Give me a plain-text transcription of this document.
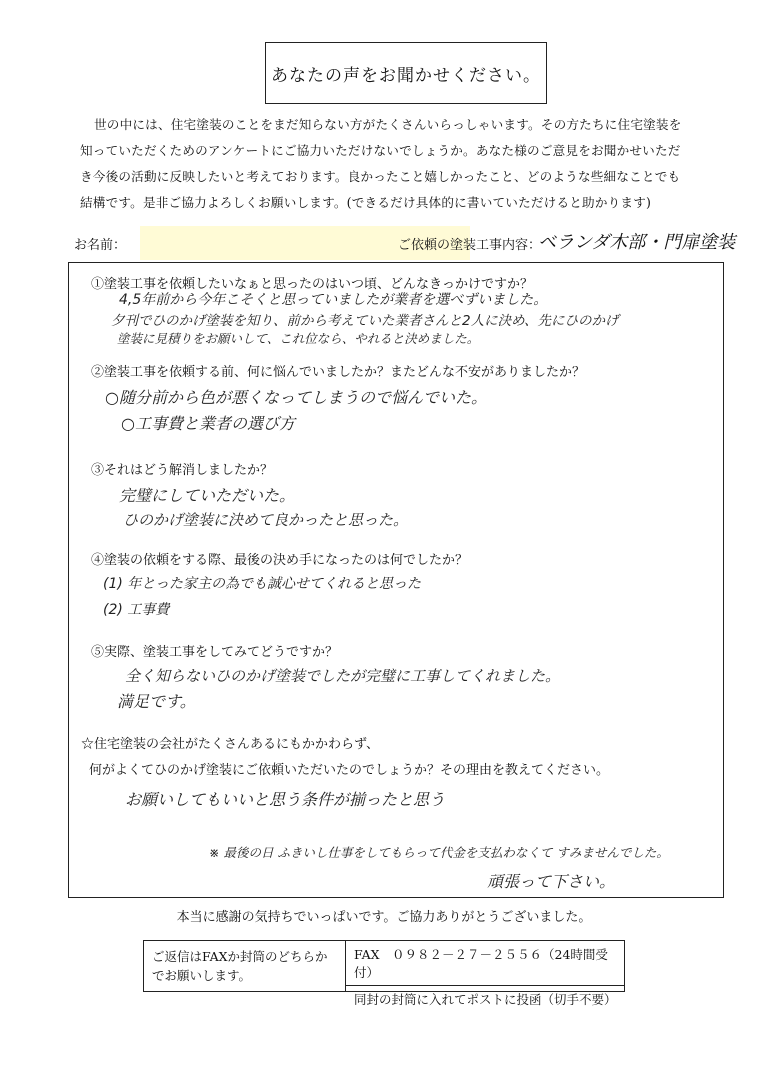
あなたの声をお聞かせください。
世の中には、住宅塗装のことをまだ知らない方がたくさんいらっしゃいます。その方たちに住宅塗装を知っていただくためのアンケートにご協力いただけないでしょうか。あなた様のご意見をお聞かせいただき今後の活動に反映したいと考えております。良かったこと嬉しかったこと、どのような些細なことでも結構です。是非ご協力よろしくお願いします。(できるだけ具体的に書いていただけると助かります)
お名前：	ご依頼の塗装工事内容：
ベランダ木部・門扉塗装
①塗装工事を依頼したいなぁと思ったのはいつ頃、どんなきっかけですか？
4,5年前から今年こそくと思っていましたが業者を選べずいました。
夕刊でひのかげ塗装を知り、前から考えていた業者さんと2人に決め、先にひのかげ
塗装に見積りをお願いして、これ位なら、やれると決めました。
②塗装工事を依頼する前、何に悩んでいましたか？またどんな不安がありましたか？
○随分前から色が悪くなってしまうので悩んでいた。
○工事費と業者の選び方
③それはどう解消しましたか？
完璧にしていただいた。
ひのかげ塗装に決めて良かったと思った。
④塗装の依頼をする際、最後の決め手になったのは何でしたか？
(1) 年とった家主の為でも誠心せてくれると思った
(2) 工事費
⑤実際、塗装工事をしてみてどうですか？
全く知らないひのかげ塗装でしたが完璧に工事してくれました。
満足です。
☆住宅塗装の会社がたくさんあるにもかかわらず、
何がよくてひのかげ塗装にご依頼いただいたのでしょうか？その理由を教えてください。
お願いしてもいいと思う条件が揃ったと思う
※ 最後の日 ふきいし仕事をしてもらって代金を支払わなくて すみませんでした。
頑張って下さい。
本当に感謝の気持ちでいっぱいです。ご協力ありがとうございました。
ご返信はFAXか封筒のどちらかでお願いします。
FAX　０９８２－２７－２５５６（24時間受付）
同封の封筒に入れてポストに投函（切手不要）
